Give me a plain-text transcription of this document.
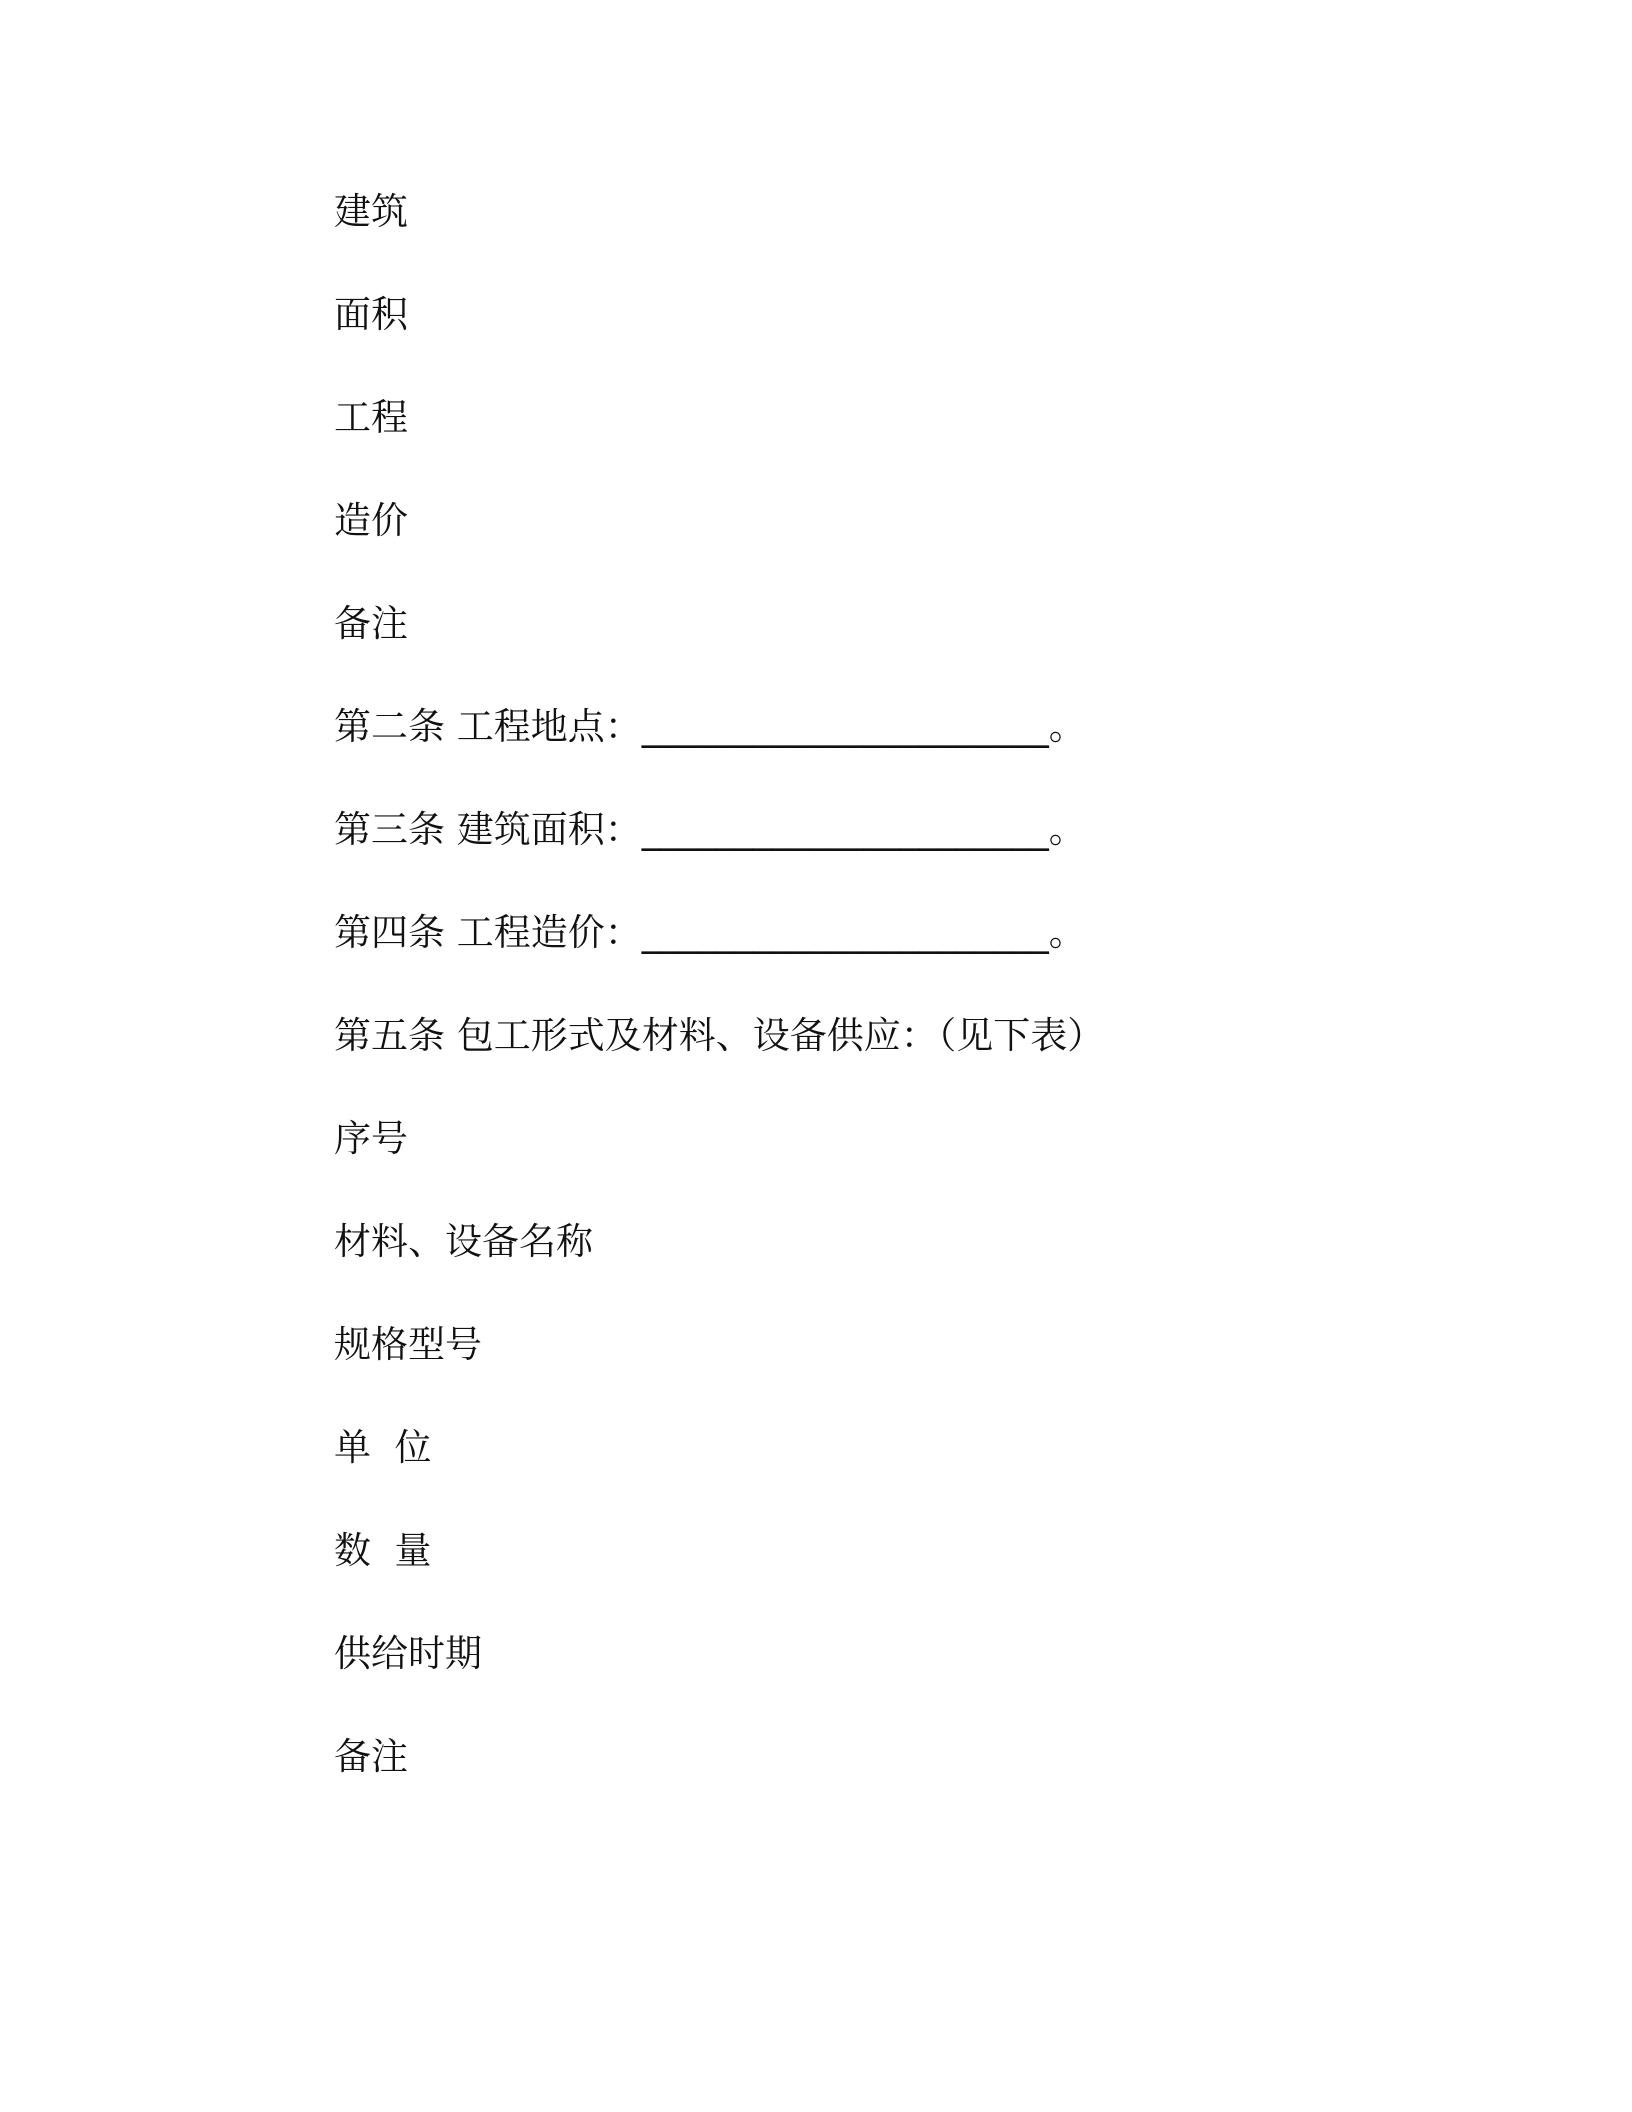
建筑
面积
工程
造价
备注
第二条 工程地点：______________________。
第三条 建筑面积：______________________。
第四条 工程造价：______________________。
第五条 包工形式及材料、设备供应：（见下表）
序号
材料、设备名称
规格型号
单  位
数  量
供给时期
备注
